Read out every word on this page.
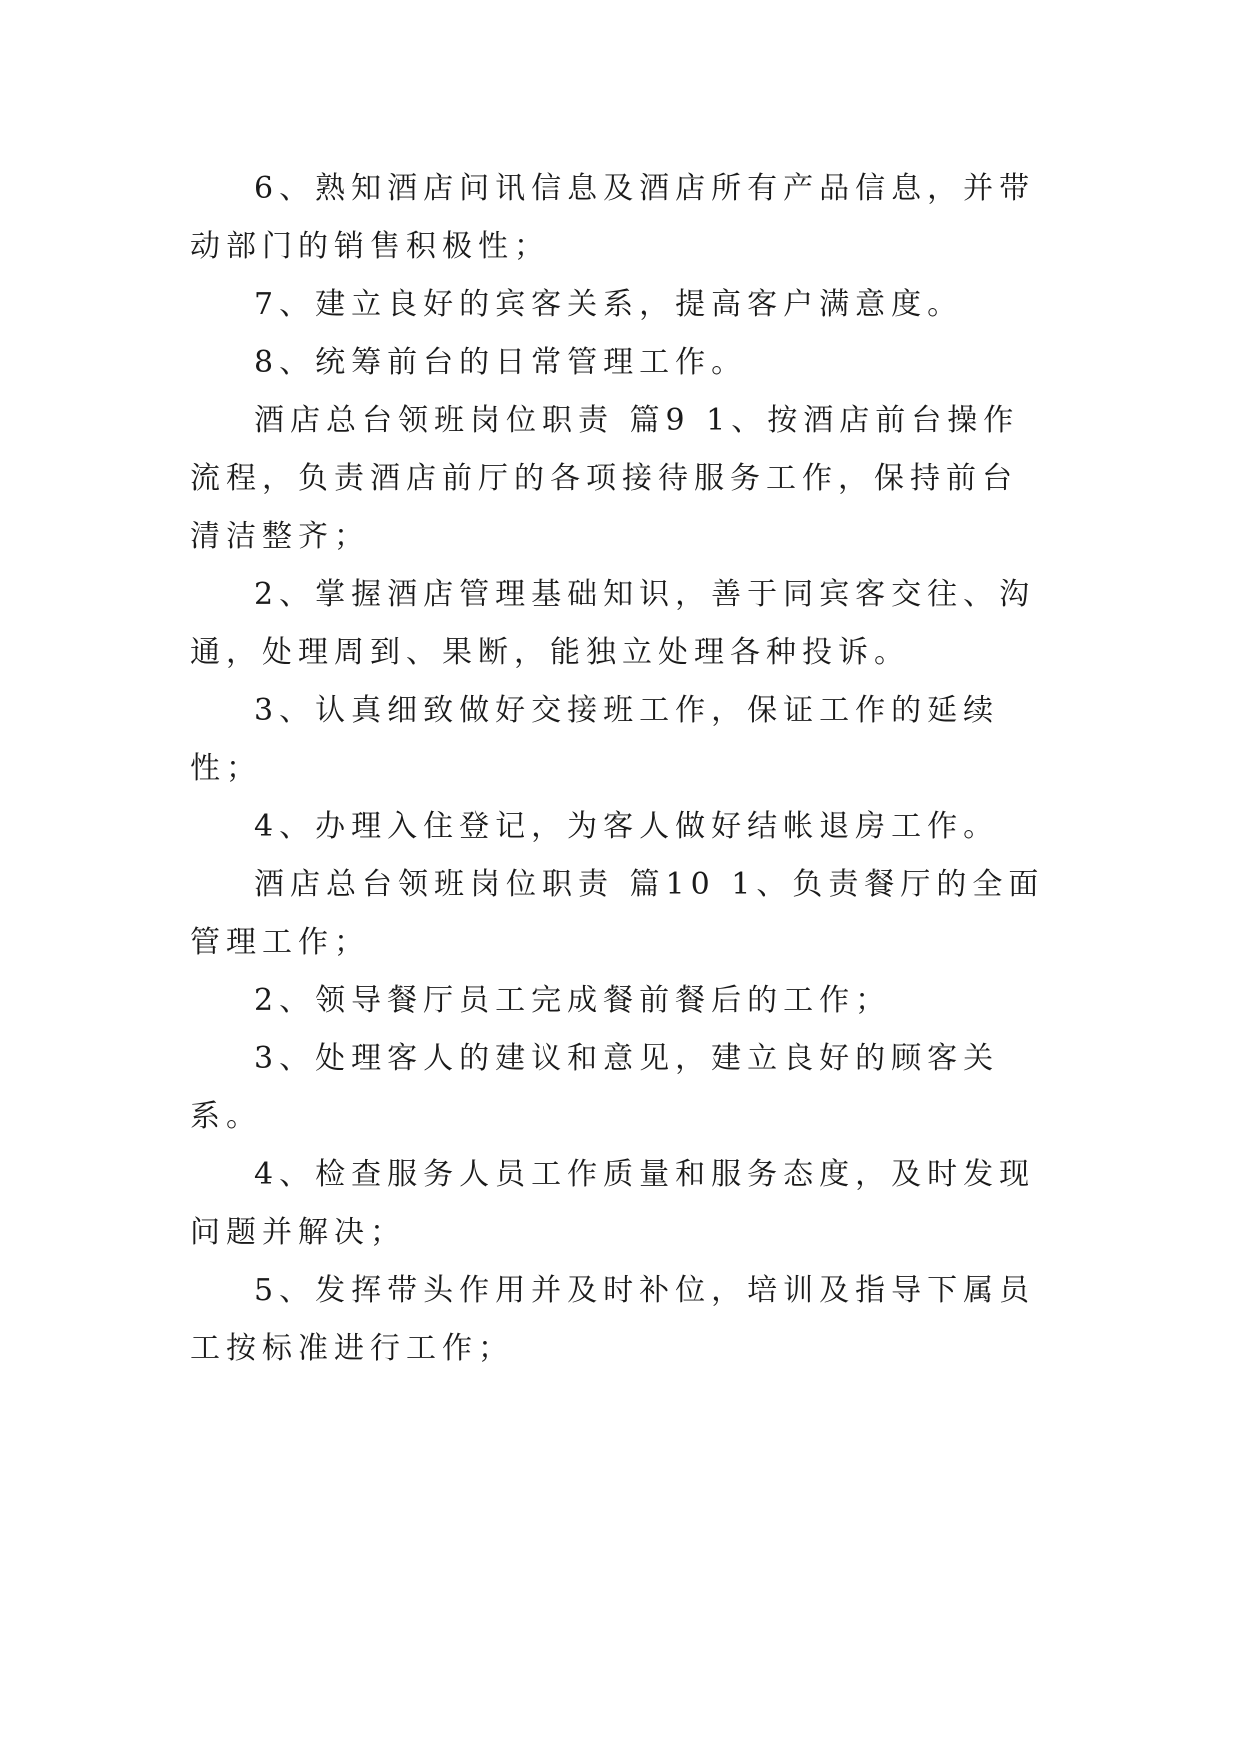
6、熟知酒店问讯信息及酒店所有产品信息，并带动部门的销售积极性；

7、建立良好的宾客关系，提高客户满意度。

8、统筹前台的日常管理工作。

酒店总台领班岗位职责 篇9 1、按酒店前台操作流程，负责酒店前厅的各项接待服务工作，保持前台清洁整齐；

2、掌握酒店管理基础知识，善于同宾客交往、沟通，处理周到、果断，能独立处理各种投诉。

3、认真细致做好交接班工作，保证工作的延续性；

4、办理入住登记，为客人做好结帐退房工作。

酒店总台领班岗位职责 篇10 1、负责餐厅的全面管理工作；

2、领导餐厅员工完成餐前餐后的工作；

3、处理客人的建议和意见，建立良好的顾客关系。

4、检查服务人员工作质量和服务态度，及时发现问题并解决；

5、发挥带头作用并及时补位，培训及指导下属员工按标准进行工作；
